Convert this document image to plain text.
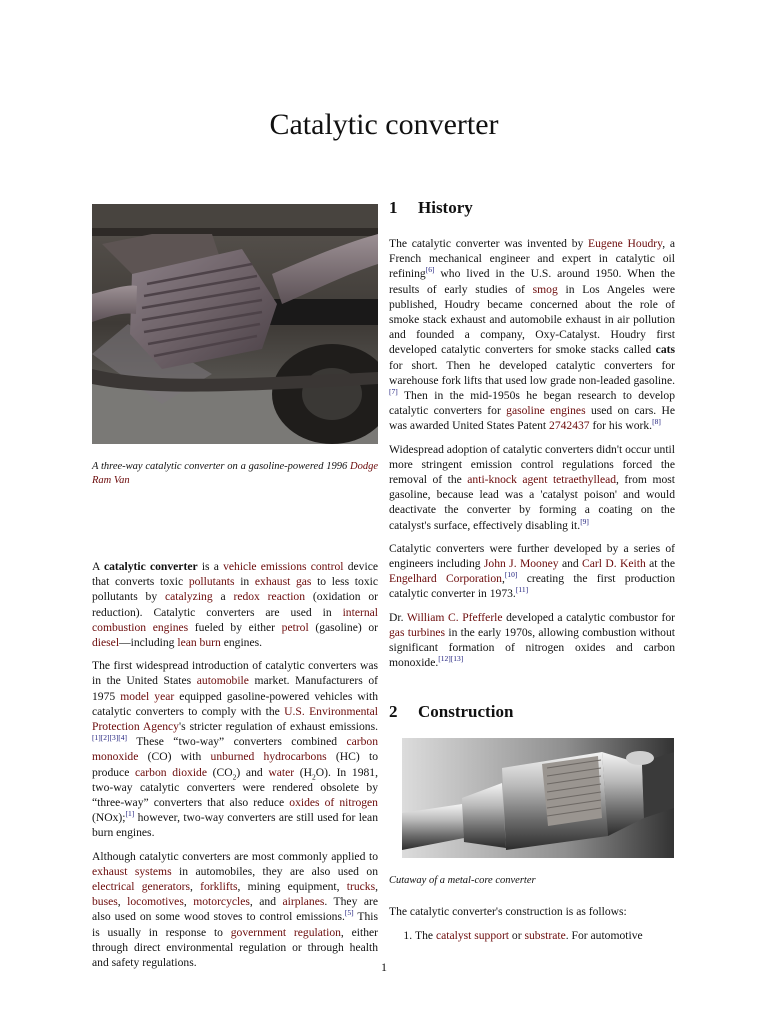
Catalytic converter

A three-way catalytic converter on a gasoline-powered 1996 Dodge Ram Van

A catalytic converter is a vehicle emissions control device that converts toxic pollutants in exhaust gas to less toxic pollutants by catalyzing a redox reaction (oxidation or reduction). Catalytic converters are used in internal combustion engines fueled by either petrol (gasoline) or diesel—including lean burn engines.

The first widespread introduction of catalytic converters was in the United States automobile market. Manufacturers of 1975 model year equipped gasoline-powered vehicles with catalytic converters to comply with the U.S. Environmental Protection Agency's stricter regulation of exhaust emissions.[1][2][3][4] These “two-way” converters combined carbon monoxide (CO) with unburned hydrocarbons (HC) to produce carbon dioxide $(CO_2)$ and water $(H_2O)$. In 1981, two-way catalytic converters were rendered obsolete by “three-way” converters that also reduce oxides of nitrogen (NOx);[1] however, two-way converters are still used for lean burn engines.

Although catalytic converters are most commonly applied to exhaust systems in automobiles, they are also used on electrical generators, forklifts, mining equipment, trucks, buses, locomotives, motorcycles, and airplanes. They are also used on some wood stoves to control emissions.[5] This is usually in response to government regulation, either through direct environmental regulation or through health and safety regulations.

1 History

The catalytic converter was invented by Eugene Houdry, a French mechanical engineer and expert in catalytic oil refining[6] who lived in the U.S. around 1950. When the results of early studies of smog in Los Angeles were published, Houdry became concerned about the role of smoke stack exhaust and automobile exhaust in air pollution and founded a company, Oxy-Catalyst. Houdry first developed catalytic converters for smoke stacks called cats for short. Then he developed catalytic converters for warehouse fork lifts that used low grade non-leaded gasoline.[7] Then in the mid-1950s he began research to develop catalytic converters for gasoline engines used on cars. He was awarded United States Patent 2742437 for his work.[8]

Widespread adoption of catalytic converters didn't occur until more stringent emission control regulations forced the removal of the anti-knock agent tetraethyllead, from most gasoline, because lead was a 'catalyst poison' and would deactivate the converter by forming a coating on the catalyst's surface, effectively disabling it.[9]

Catalytic converters were further developed by a series of engineers including John J. Mooney and Carl D. Keith at the Engelhard Corporation,[10] creating the first production catalytic converter in 1973.[11]

Dr. William C. Pfefferle developed a catalytic combustor for gas turbines in the early 1970s, allowing combustion without significant formation of nitrogen oxides and carbon monoxide.[12][13]

2 Construction

Cutaway of a metal-core converter

The catalytic converter's construction is as follows:

1. The catalyst support or substrate. For automotive
1
